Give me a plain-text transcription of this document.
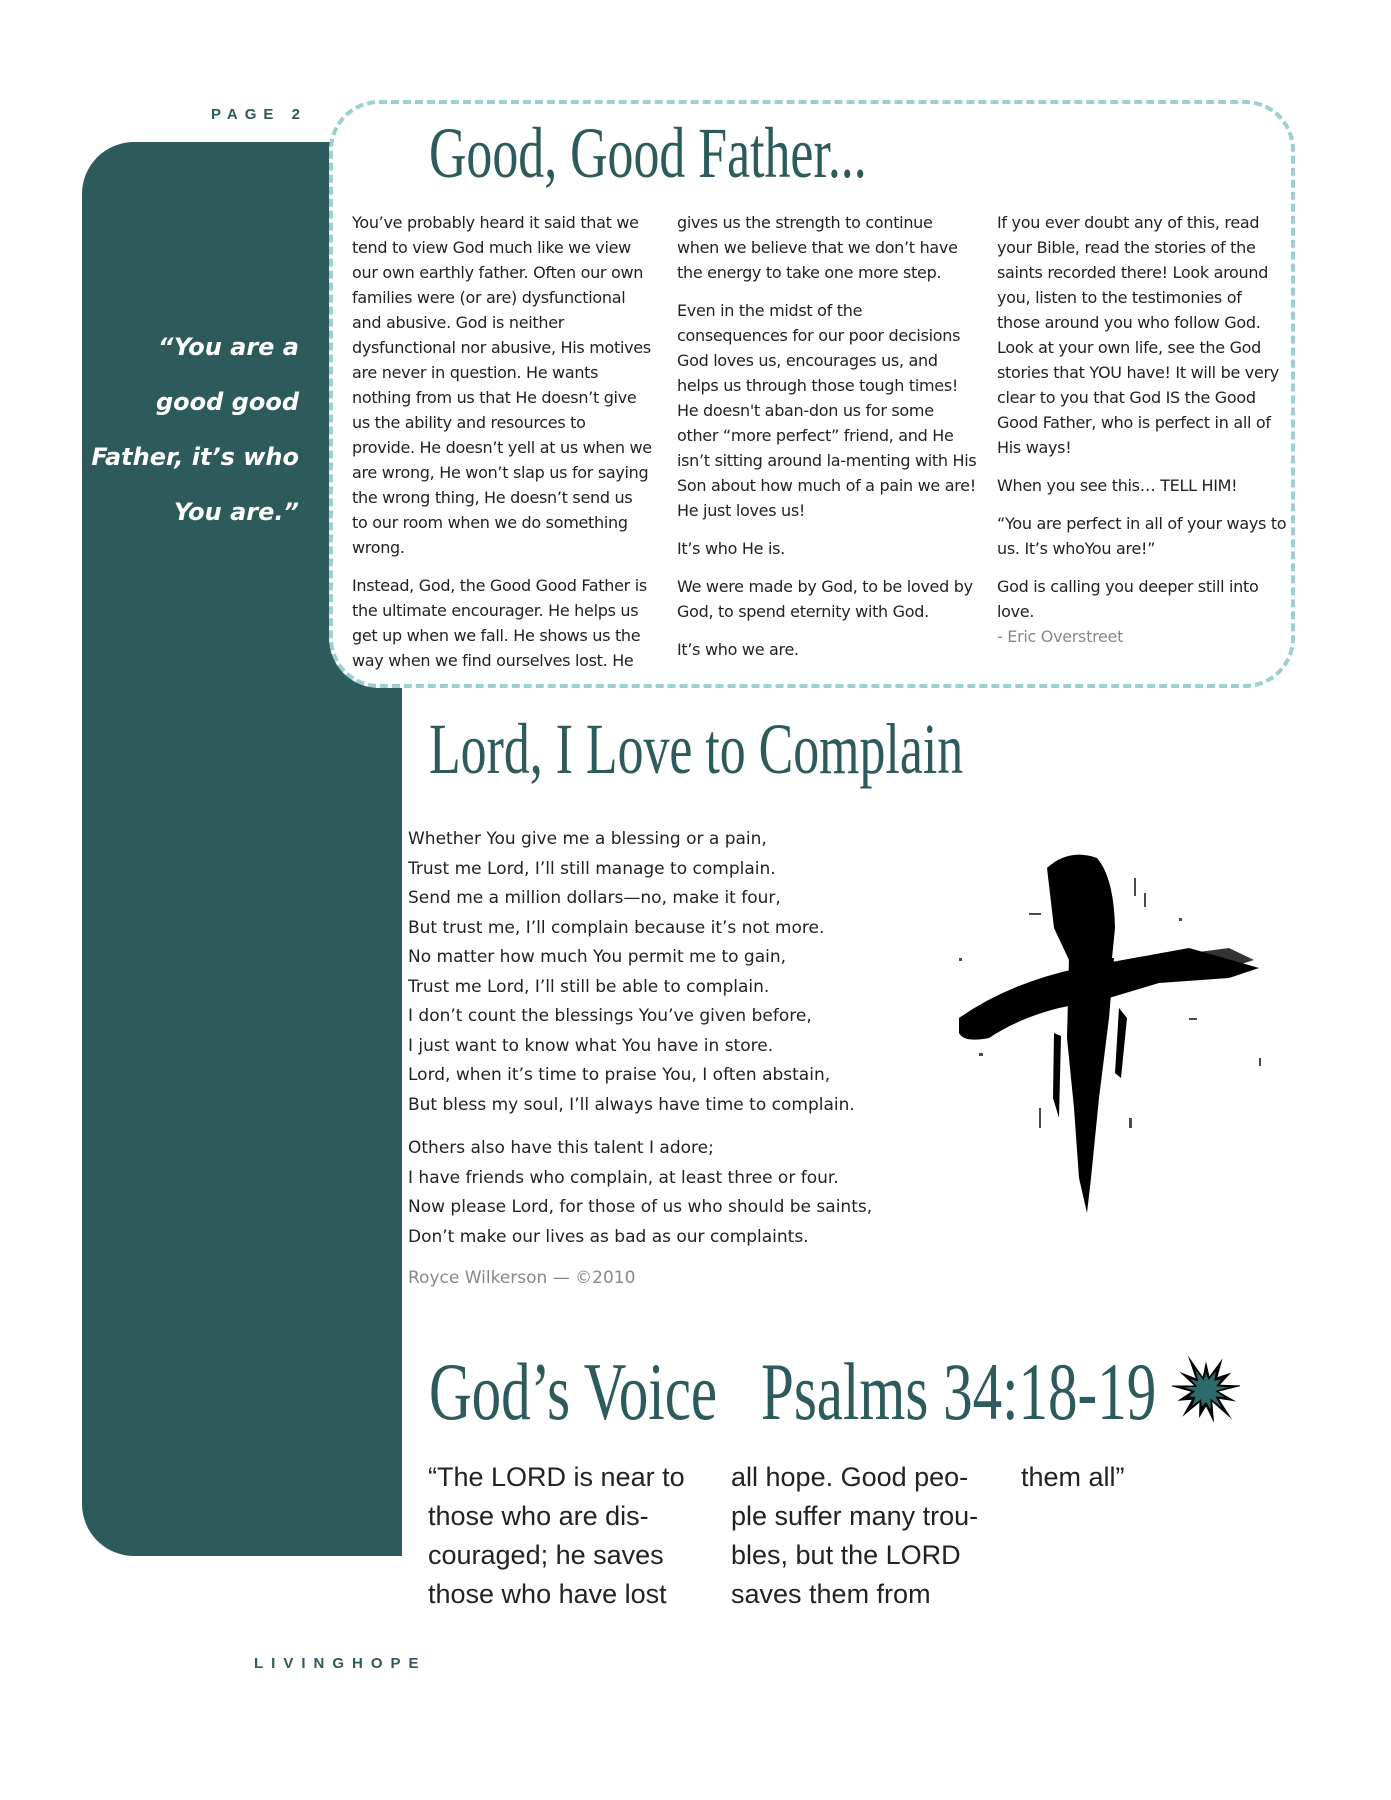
PAGE 2
“You are a
good good
Father, it’s who
You are.”
Good, Good Father...

You’ve probably heard it said that we tend to view God much like we view our own earthly father. Often our own families were (or are) dysfunctional and abusive. God is neither dysfunctional nor abusive, His motives are never in question. He wants nothing from us that He doesn’t give us the ability and resources to provide. He doesn’t yell at us when we are wrong, He won’t slap us for saying the wrong thing, He doesn’t send us to our room when we do something wrong.

Instead, God, the Good Good Father is the ultimate encourager. He helps us get up when we fall. He shows us the way when we find ourselves lost. He

gives us the strength to continue when we believe that we don’t have the energy to take one more step.

Even in the midst of the consequences for our poor decisions God loves us, encourages us, and helps us through those tough times! He doesn't aban-don us for some other “more perfect” friend, and He isn’t sitting around la-menting with His Son about how much of a pain we are! He just loves us!

It’s who He is.

We were made by God, to be loved by God, to spend eternity with God.

It’s who we are.

If you ever doubt any of this, read your Bible, read the stories of the saints recorded there! Look around you, listen to the testimonies of those around you who follow God. Look at your own life, see the God stories that YOU have! It will be very clear to you that God IS the Good Good Father, who is perfect in all of His ways!

When you see this… TELL HIM!

“You are perfect in all of your ways to us. It’s whoYou are!”

God is calling you deeper still into love.

- Eric Overstreet
Lord, I Love to Complain
Whether You give me a blessing or a pain,
Trust me Lord, I’ll still manage to complain.
Send me a million dollars—no, make it four,
But trust me, I’ll complain because it’s not more.
No matter how much You permit me to gain,
Trust me Lord, I’ll still be able to complain.
I don’t count the blessings You’ve given before,
I just want to know what You have in store.
Lord, when it’s time to praise You, I often abstain,
But bless my soul, I’ll always have time to complain.
Others also have this talent I adore;
I have friends who complain, at least three or four.
Now please Lord, for those of us who should be saints,
Don’t make our lives as bad as our complaints.
Royce Wilkerson — ©2010
God’s Voice Psalms 34:18-19
“The LORD is near to
those who are dis-
couraged; he saves
those who have lost
all hope. Good peo-
ple suffer many trou-
bles, but the LORD
saves them from
them all”
LIVINGHOPE
